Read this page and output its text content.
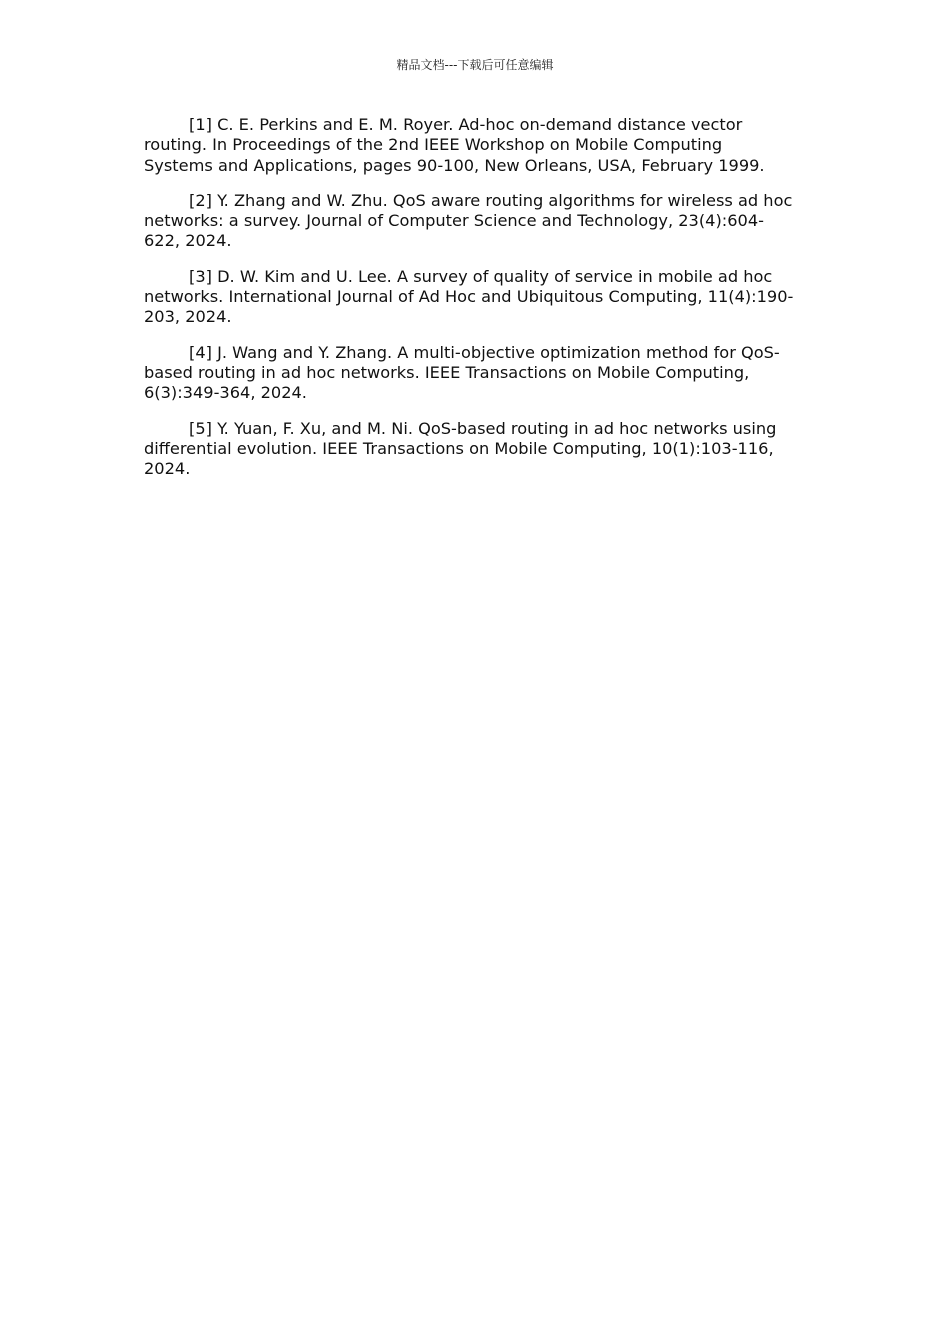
精品文档---下载后可任意编辑

[1] C. E. Perkins and E. M. Royer. Ad-hoc on-demand distance vector routing. In Proceedings of the 2nd IEEE Workshop on Mobile Computing Systems and Applications, pages 90-100, New Orleans, USA, February 1999.

[2] Y. Zhang and W. Zhu. QoS aware routing algorithms for wireless ad hoc networks: a survey. Journal of Computer Science and Technology, 23(4):604-622, 2024.

[3] D. W. Kim and U. Lee. A survey of quality of service in mobile ad hoc networks. International Journal of Ad Hoc and Ubiquitous Computing, 11(4):190-203, 2024.

[4] J. Wang and Y. Zhang. A multi-objective optimization method for QoS-based routing in ad hoc networks. IEEE Transactions on Mobile Computing, 6(3):349-364, 2024.

[5] Y. Yuan, F. Xu, and M. Ni. QoS-based routing in ad hoc networks using differential evolution. IEEE Transactions on Mobile Computing, 10(1):103-116, 2024.
